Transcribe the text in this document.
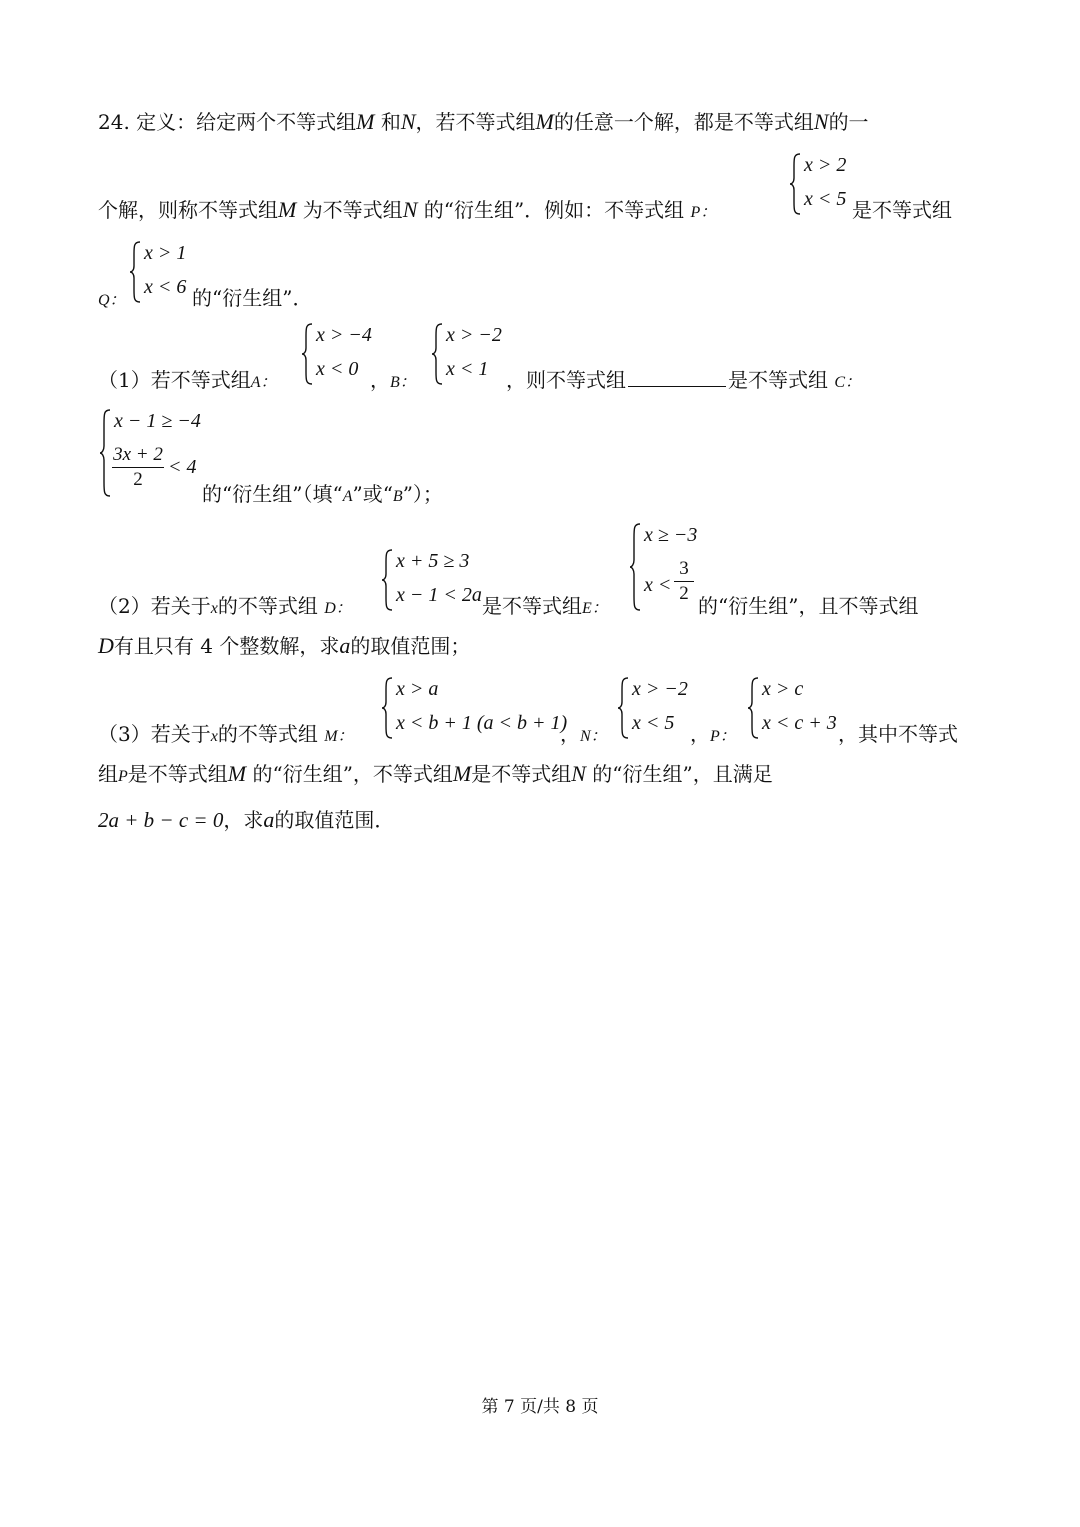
24. 定义：给定两个不等式组M 和N，若不等式组M的任意一个解，都是不等式组N的一
个解，则称不等式组M 为不等式组N 的“衍生组”．例如：不等式组 P：
x > 2
x < 5 是不等式组
Q：
x > 1
x < 6 的“衍生组”．
（1）若不等式组A：
x > −4
x < 0 ，B：
x > −2
x < 1 ，则不等式组	是不等式组 C：
x − 1 ≥ −4
3x + 2
2
< 4
的“衍生组”（填“A”或“B”）；
（2）若关于x的不等式组 D：
x + 5 ≥ 3
x − 1 < 2a 是不等式组E：
x ≥ −3
x <
3
2
的“衍生组”，且不等式组
D有且只有 4 个整数解，求a的取值范围；
（3）若关于x的不等式组 M：
x > a
x < b + 1 (a < b + 1)
，N：
x > −2
x < 5 ，P：
x > c
x < c + 3 ，其中不等式
组P是不等式组M 的“衍生组”，不等式组M是不等式组N 的“衍生组”，且满足
2a + b − c = 0，求a的取值范围．
第 7 页/共 8 页
